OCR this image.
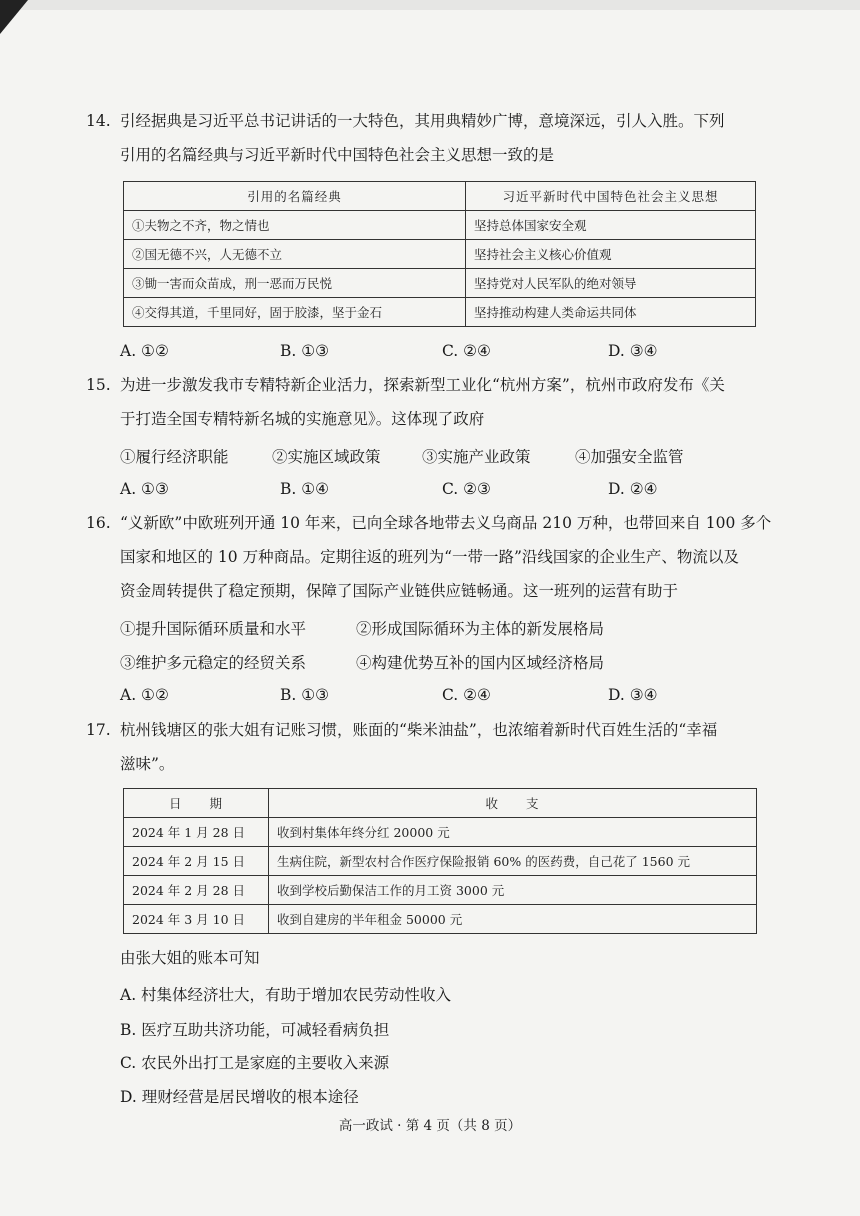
14. 引经据典是习近平总书记讲话的一大特色，其用典精妙广博，意境深远，引人入胜。下列
引用的名篇经典与习近平新时代中国特色社会主义思想一致的是
引用的名篇经典	习近平新时代中国特色社会主义思想
①夫物之不齐，物之情也	坚持总体国家安全观
②国无德不兴，人无德不立	坚持社会主义核心价值观
③锄一害而众苗成，刑一恶而万民悦	坚持党对人民军队的绝对领导
④交得其道，千里同好，固于胶漆，坚于金石	坚持推动构建人类命运共同体
A. ①②	B. ①③	C. ②④	D. ③④
15. 为进一步激发我市专精特新企业活力，探索新型工业化“杭州方案”，杭州市政府发布《关
于打造全国专精特新名城的实施意见》。这体现了政府
①履行经济职能	②实施区域政策	③实施产业政策	④加强安全监管
A. ①③	B. ①④	C. ②③	D. ②④
16. “义新欧”中欧班列开通 10 年来，已向全球各地带去义乌商品 210 万种，也带回来自 100 多个
国家和地区的 10 万种商品。定期往返的班列为“一带一路”沿线国家的企业生产、物流以及
资金周转提供了稳定预期，保障了国际产业链供应链畅通。这一班列的运营有助于
①提升国际循环质量和水平	②形成国际循环为主体的新发展格局
③维护多元稳定的经贸关系	④构建优势互补的国内区域经济格局
A. ①②	B. ①③	C. ②④	D. ③④
17. 杭州钱塘区的张大姐有记账习惯，账面的“柴米油盐”，也浓缩着新时代百姓生活的“幸福
滋味”。
日　　期	收　　支
2024 年 1 月 28 日	收到村集体年终分红 20000 元
2024 年 2 月 15 日	生病住院，新型农村合作医疗保险报销 60% 的医药费，自己花了 1560 元
2024 年 2 月 28 日	收到学校后勤保洁工作的月工资 3000 元
2024 年 3 月 10 日	收到自建房的半年租金 50000 元
由张大姐的账本可知
A. 村集体经济壮大，有助于增加农民劳动性收入
B. 医疗互助共济功能，可减轻看病负担
C. 农民外出打工是家庭的主要收入来源
D. 理财经营是居民增收的根本途径
高一政试 · 第 4 页（共 8 页）
